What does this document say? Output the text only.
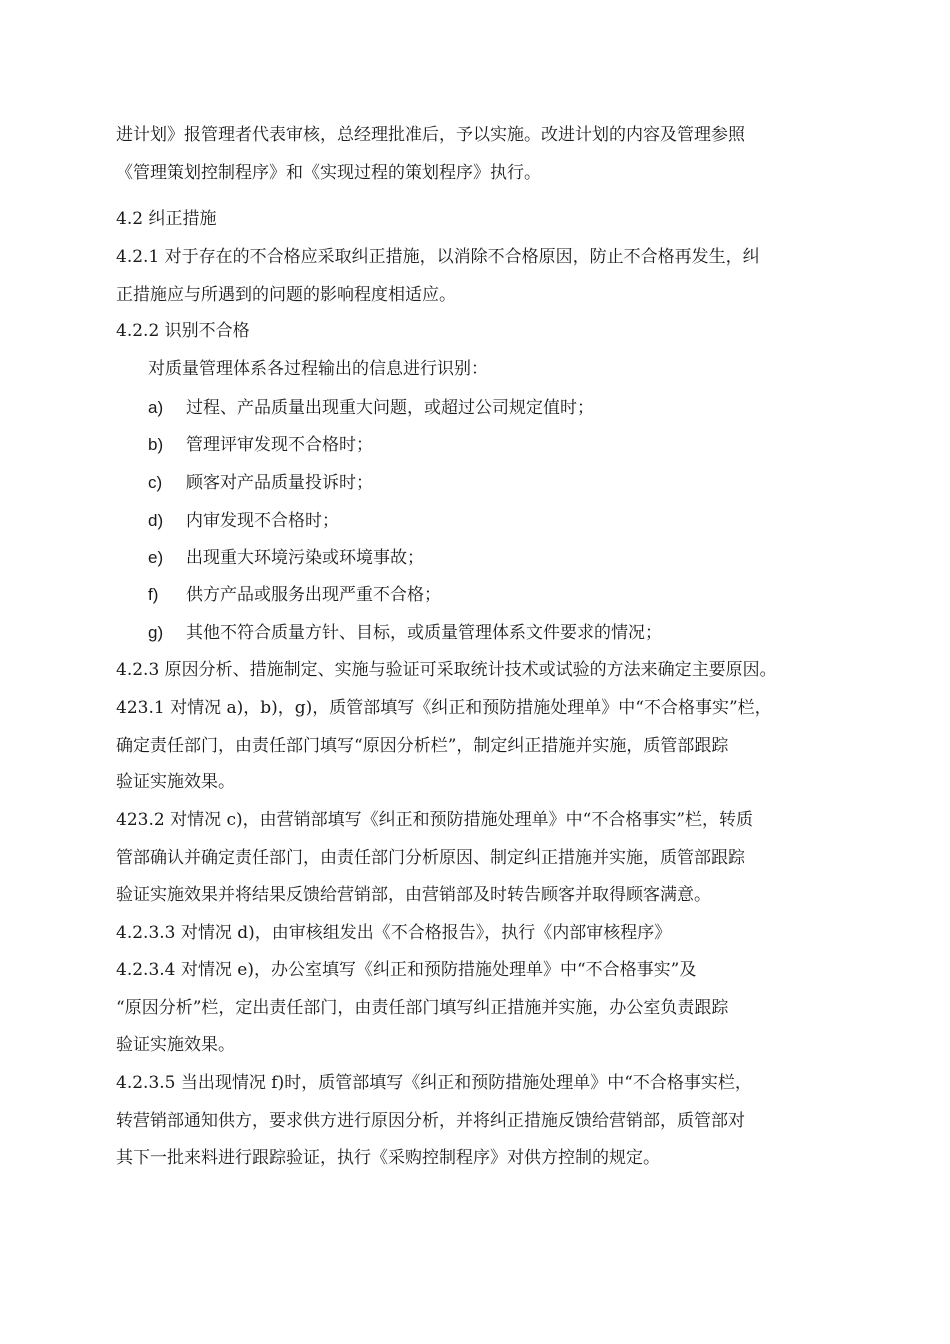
进计划》报管理者代表审核，总经理批准后，予以实施。改进计划的内容及管理参照
《管理策划控制程序》和《实现过程的策划程序》执行。
4.2 纠正措施
4.2.1 对于存在的不合格应采取纠正措施，以消除不合格原因，防止不合格再发生，纠
正措施应与所遇到的问题的影响程度相适应。
4.2.2 识别不合格
对质量管理体系各过程输出的信息进行识别：
a) 过程、产品质量出现重大问题，或超过公司规定值时；
b) 管理评审发现不合格时；
c) 顾客对产品质量投诉时；
d) 内审发现不合格时；
e) 出现重大环境污染或环境事故；
f) 供方产品或服务出现严重不合格；
g) 其他不符合质量方针、目标，或质量管理体系文件要求的情况；
4.2.3 原因分析、措施制定、实施与验证可采取统计技术或试验的方法来确定主要原因。
423.1 对情况 a)，b)，g)，质管部填写《纠正和预防措施处理单》中“不合格事实”栏，
确定责任部门，由责任部门填写“原因分析栏”，制定纠正措施并实施，质管部跟踪
验证实施效果。
423.2 对情况 c)，由营销部填写《纠正和预防措施处理单》中“不合格事实”栏，转质
管部确认并确定责任部门，由责任部门分析原因、制定纠正措施并实施，质管部跟踪
验证实施效果并将结果反馈给营销部，由营销部及时转告顾客并取得顾客满意。
4.2.3.3 对情况 d)，由审核组发出《不合格报告》，执行《内部审核程序》
4.2.3.4 对情况 e)，办公室填写《纠正和预防措施处理单》中“不合格事实”及
“原因分析”栏，定出责任部门，由责任部门填写纠正措施并实施，办公室负责跟踪
验证实施效果。
4.2.3.5 当出现情况 f)时，质管部填写《纠正和预防措施处理单》中“不合格事实栏，
转营销部通知供方，要求供方进行原因分析，并将纠正措施反馈给营销部，质管部对
其下一批来料进行跟踪验证，执行《采购控制程序》对供方控制的规定。
